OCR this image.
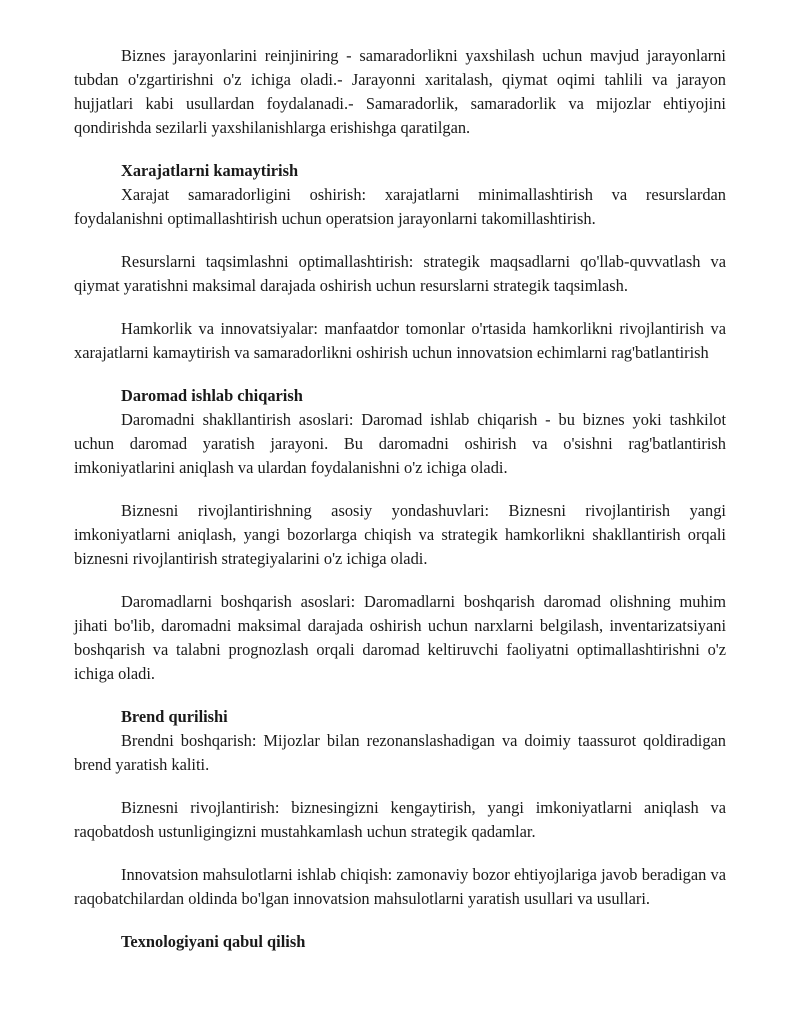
Biznes jarayonlarini reinjiniring - samaradorlikni yaxshilash uchun mavjud jarayonlarni tubdan o'zgartirishni o'z ichiga oladi.- Jarayonni xaritalash, qiymat oqimi tahlili va jarayon hujjatlari kabi usullardan foydalanadi.- Samaradorlik, samaradorlik va mijozlar ehtiyojini qondirishda sezilarli yaxshilanishlarga erishishga qaratilgan.

Xarajatlarni kamaytirish

Xarajat samaradorligini oshirish: xarajatlarni minimallashtirish va resurslardan foydalanishni optimallashtirish uchun operatsion jarayonlarni takomillashtirish.

Resurslarni taqsimlashni optimallashtirish: strategik maqsadlarni qo'llab-quvvatlash va qiymat yaratishni maksimal darajada oshirish uchun resurslarni strategik taqsimlash.

Hamkorlik va innovatsiyalar: manfaatdor tomonlar o'rtasida hamkorlikni rivojlantirish va xarajatlarni kamaytirish va samaradorlikni oshirish uchun innovatsion echimlarni rag'batlantirish

Daromad ishlab chiqarish

Daromadni shakllantirish asoslari: Daromad ishlab chiqarish - bu biznes yoki tashkilot uchun daromad yaratish jarayoni. Bu daromadni oshirish va o'sishni rag'batlantirish imkoniyatlarini aniqlash va ulardan foydalanishni o'z ichiga oladi.

Biznesni rivojlantirishning asosiy yondashuvlari: Biznesni rivojlantirish yangi imkoniyatlarni aniqlash, yangi bozorlarga chiqish va strategik hamkorlikni shakllantirish orqali biznesni rivojlantirish strategiyalarini o'z ichiga oladi.

Daromadlarni boshqarish asoslari: Daromadlarni boshqarish daromad olishning muhim jihati bo'lib, daromadni maksimal darajada oshirish uchun narxlarni belgilash, inventarizatsiyani boshqarish va talabni prognozlash orqali daromad keltiruvchi faoliyatni optimallashtirishni o'z ichiga oladi.

Brend qurilishi

Brendni boshqarish: Mijozlar bilan rezonanslashadigan va doimiy taassurot qoldiradigan brend yaratish kaliti.

Biznesni rivojlantirish: biznesingizni kengaytirish, yangi imkoniyatlarni aniqlash va raqobatdosh ustunligingizni mustahkamlash uchun strategik qadamlar.

Innovatsion mahsulotlarni ishlab chiqish: zamonaviy bozor ehtiyojlariga javob beradigan va raqobatchilardan oldinda bo'lgan innovatsion mahsulotlarni yaratish usullari va usullari.

Texnologiyani qabul qilish
